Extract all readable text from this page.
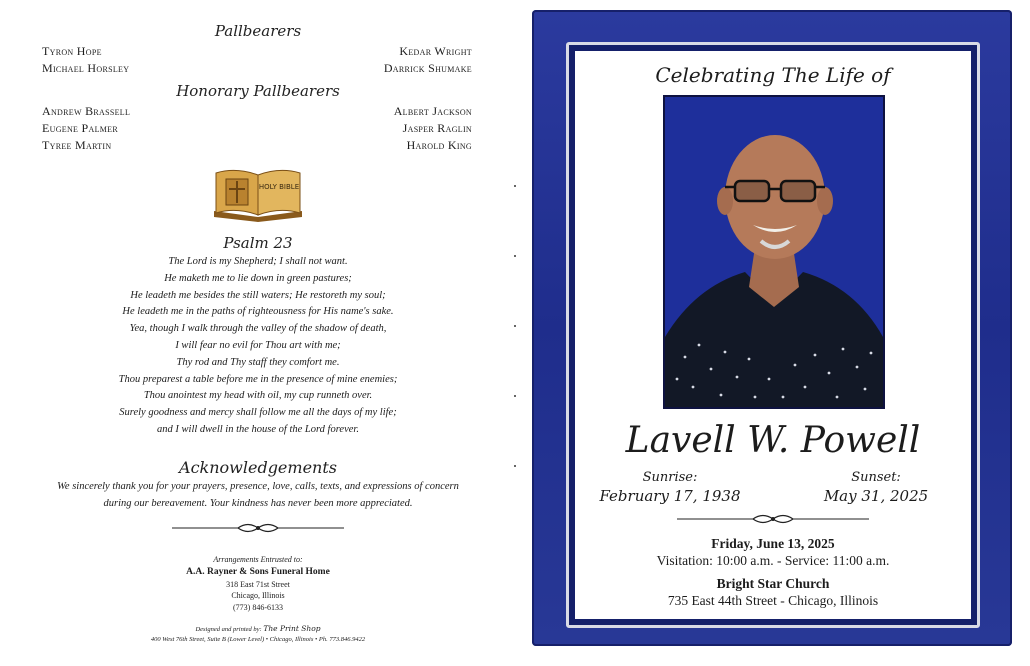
Pallbearers
Tyron Hope
Michael Horsley
Kedar Wright
Darrick Shumake
Honorary Pallbearers
Andrew Brassell
Eugene Palmer
Tyree Martin
Albert Jackson
Jasper Raglin
Harold King
HOLY BIBLE
Psalm 23
The Lord is my Shepherd; I shall not want.
He maketh me to lie down in green pastures;
He leadeth me besides the still waters; He restoreth my soul;
He leadeth me in the paths of righteousness for His name's sake.
Yea, though I walk through the valley of the shadow of death,
I will fear no evil for Thou art with me;
Thy rod and Thy staff they comfort me.
Thou preparest a table before me in the presence of mine enemies;
Thou anointest my head with oil, my cup runneth over.
Surely goodness and mercy shall follow me all the days of my life;
and I will dwell in the house of the Lord forever.
Acknowledgements
We sincerely thank you for your prayers, presence, love, calls, texts, and expressions of concern
during our bereavement. Your kindness has never been more appreciated.
Arrangements Entrusted to:
A.A. Rayner & Sons Funeral Home
318 East 71st Street
Chicago, Illinois
(773) 846-6133
Designed and printed by: The Print Shop
400 West 76th Street, Suite B (Lower Level) • Chicago, Illinois • Ph. 773.846.9422
Celebrating The Life of
Lavell W. Powell
Sunrise:
February 17, 1938
Sunset:
May 31, 2025
Friday, June 13, 2025
Visitation: 10:00 a.m. - Service: 11:00 a.m.
Bright Star Church
735 East 44th Street - Chicago, Illinois
